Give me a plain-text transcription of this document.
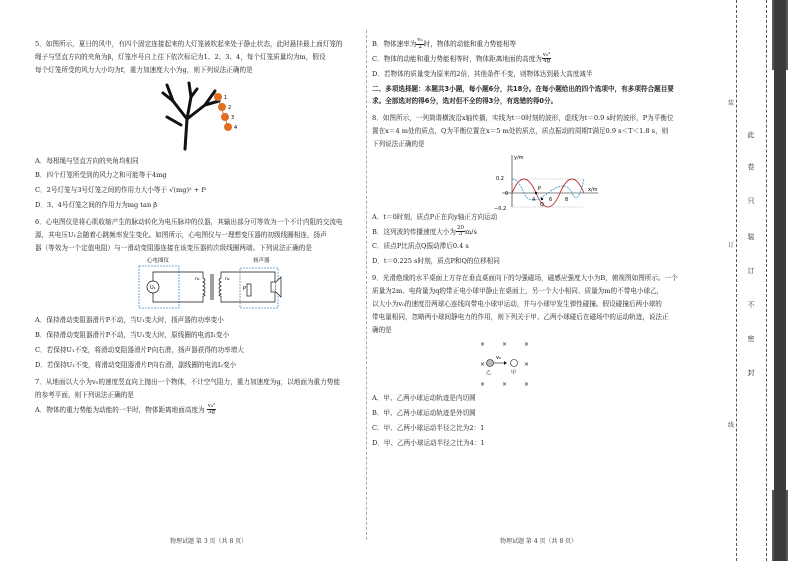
5．如图所示，夏日的风中，有四个固定连接起来的大灯笼被吹起来处于静止状态，此时悬挂最上面灯笼的
绳子与竖直方向的夹角为β，灯笼序号自上往下依次标记为1、2、3、4，每个灯笼质量均为m，假设
每个灯笼所受的风力大小均为f，重力加速度大小为g，则下列说法正确的是

1
2
3
4

A．每根绳与竖直方向的夹角均相同

B．四个灯笼所受到的风力之和可能等于4mg

C．2号灯笼与3号灯笼之间的作用力大小等于 √(mg)² + f²

D．3、4号灯笼之间的作用力为mg tan β

6．心电图仪是将心肌收缩产生的脉动转化为电压脉冲的仪器，其输出部分可等效为一个不计内阻的交流电
源，其电压U₁会随着心跳频率发生变化。如图所示，心电图仪与一理想变压器的初级线圈相连，扬声
器（等效为一个定值电阻）与一滑动变阻器连接在该变压器的次级线圈两端。下列说法正确的是

心电图仪	扬声器
U₁	P
n₁	n₂

A．保持滑动变阻器滑片P不动，当U₁变大时，扬声器的功率变小

B．保持滑动变阻器滑片P不动，当U₁变大时，原线圈的电流I₁变小

C．若保持U₁不变，将滑动变阻器滑片P向右滑，扬声器获得的功率增大

D．若保持U₁不变，将滑动变阻器滑片P向右滑，副线圈的电流I₂变小

7．从地面以大小为v₀的速度竖直向上抛出一个物体，不计空气阻力，重力加速度为g，以地面为重力势能
的参考平面，则下列说法正确的是

A．物体的重力势能为动能的一半时，物体距离地面高度为 $\frac{\text{v₀²}}{3g}$

物理试题 第 3 页（共 8 页）

B．物体速率为 $\frac{\text{v₀}}{2}$ 时，物体的动能和重力势能相等

C．物体的动能和重力势能相等时，物体距离地面的高度为 $\frac{\text{v₀²}}{4g}$

D．若物体的质量变为原来的2倍，其他条件不变，则物体达到最大高度减半

二、多项选择题：本题共3小题，每小题6分，共18分。在每小题给出的四个选项中，有多项符合题目要
求。全部选对的得6分，选对但不全的得3分，有选错的得0分。

8．如图所示，一列简谐横波沿x轴传播，实线为t＝0时刻的波形，虚线为t＝0.9 s时的波形，P为平衡位
置在x＝4 m处的质点，Q为平衡位置在x＝5 m处的质点，质点振动的周期T满足0.9 s＜T＜1.8 s，则
下列说法正确的是

y/m
x/m
0.2
0
−0.2
4	6	8
P
Q

A．t＝0时刻，质点P正在向y轴正方向运动

B．这列波的传播速度大小为 $\frac{20}{3} m/s$

C．质点P比质点Q振动滞后0.4 s

D．t＝0.225 s时刻，质点P和Q的位移相同

9．光滑绝缘的水平桌面上方存在垂直桌面向下的匀强磁场，磁感应强度大小为B，俯视图如图所示。一个
质量为2m、电荷量为q的带正电小球甲静止在桌面上，另一个大小相同、质量为m的不带电小球乙，
以大小为v₀的速度沿两球心连线向带电小球甲运动，并与小球甲发生弹性碰撞。假设碰撞后两小球的
带电量相同，忽略两小球间静电力的作用，则下列关于甲、乙两小球碰后在磁场中的运动轨迹，说法正
确的是

×	×	×
×	×
×	×	×
v₀
乙	甲

A．甲、乙两小球运动轨迹是内切圆

B．甲、乙两小球运动轨迹是外切圆

C．甲、乙两小球运动半径之比为2：1

D．甲、乙两小球运动半径之比为4：1

物理试题 第 4 页（共 8 页）
装
订
线
此
卷
只
装
订
不
密
封
